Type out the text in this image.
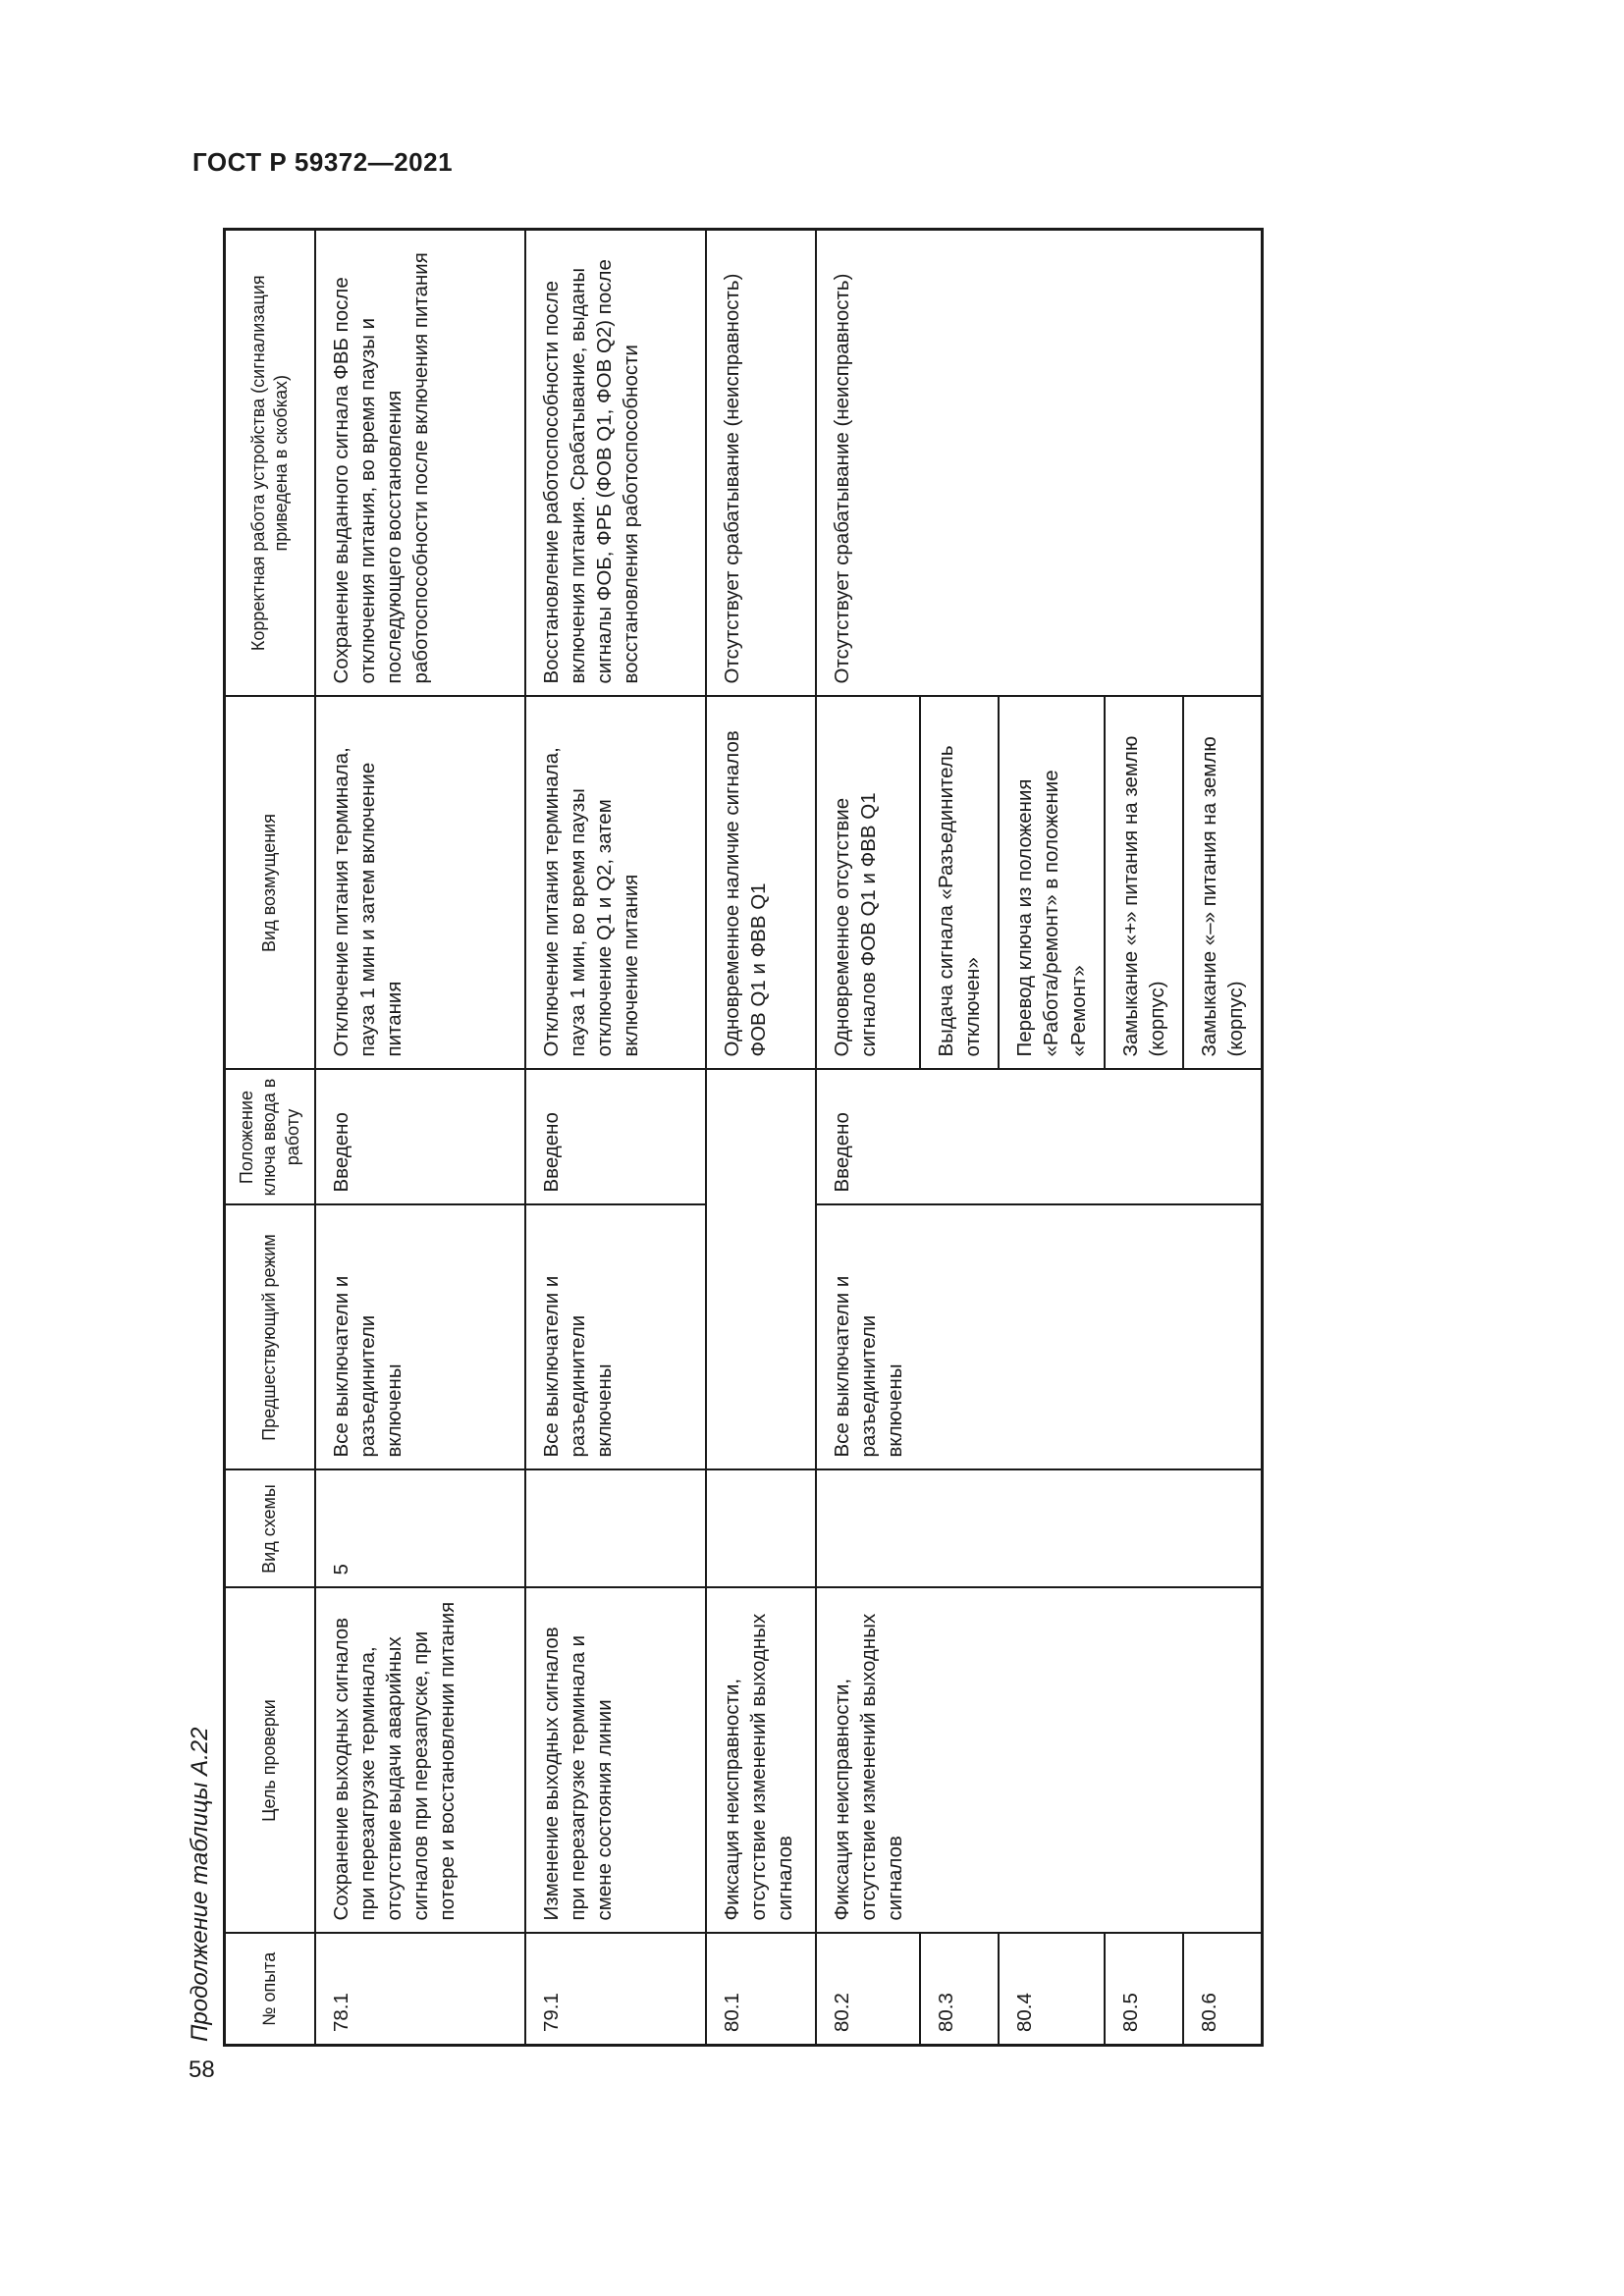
ГОСТ Р 59372—2021
Продолжение таблицы А.22
58
№ опыта	Цель проверки	Вид схемы	Предшествующий режим	Положение ключа ввода в работу	Вид возмущения	Корректная работа устройства (сигнализация приведена в скобках)
78.1	Сохранение выходных сигналов при перезагрузке терминала, отсутствие выдачи аварийных сигналов при перезапуске, при потере и восстановлении питания	5	Все выключатели и разъединители включены	Введено	Отключение питания терминала, пауза 1 мин и затем включение питания	Сохранение выданного сигнала ФВБ после отключения питания, во время паузы и последующего восстановления работоспособности после включения питания
79.1	Изменение выходных сигналов при перезагрузке терминала и смене состояния линии		Все выключатели и разъединители включены	Введено	Отключение питания терминала, пауза 1 мин, во время паузы отключение Q1 и Q2, затем включение питания	Восстановление работоспособности после включения питания. Срабатывание, выданы сигналы ФОБ, ФРБ (ФОВ Q1, ФОВ Q2) после восстановления работоспособности
80.1	Фиксация неисправности, отсутствие изменений выходных сигналов				Одновременное наличие сигналов ФОВ Q1 и ФВВ Q1	Отсутствует срабатывание (неисправность)
80.2	Фиксация неисправности, отсутствие изменений выходных сигналов		Все выключатели и разъединители включены	Введено	Одновременное отсутствие сигналов ФОВ Q1 и ФВВ Q1	Отсутствует срабатывание (неисправность)
80.3					Выдача сигнала «Разъединитель отключен»	
80.4					Перевод ключа из положения «Работа/ремонт» в положение «Ремонт»	
80.5					Замыкание «+» питания на землю (корпус)	
80.6					Замыкание «–» питания на землю (корпус)	
